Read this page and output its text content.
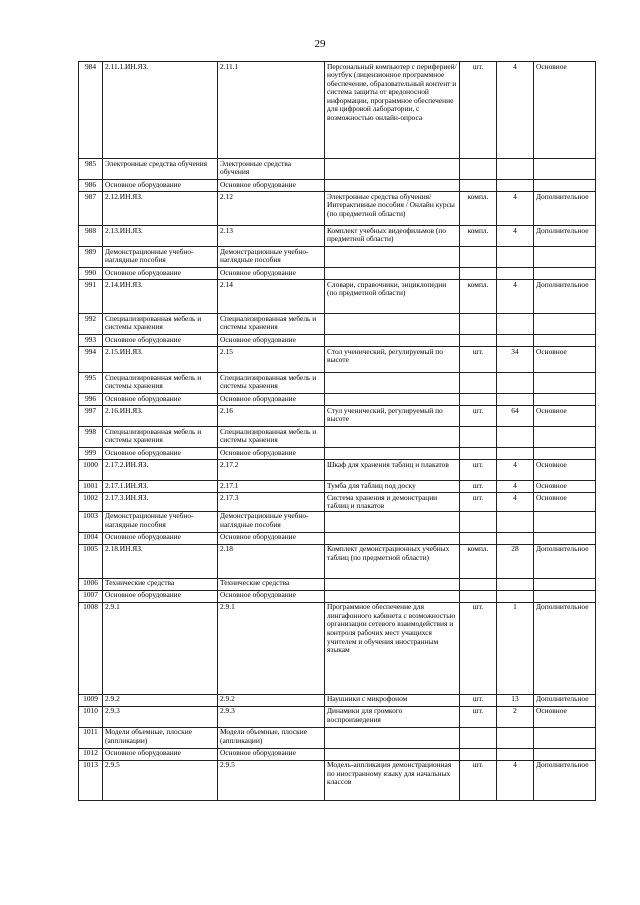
29
984	2.11.1.ИН.ЯЗ.	2.11.1	Персональный компьютер с периферией/ноутбук (лицензионное программное обеспечение, образовательный контент и система защиты от вредоносной информации, программное обеспечение для цифровой лаборатории, с возможностью онлайн-опроса	шт.	4	Основное
985	Электронные средства обучения	Электронные средства обучения				
986	Основное оборудование	Основное оборудование				
987	2.12.ИН.ЯЗ.	2.12	Электронные средства обучения/Интерактивные пособия / Онлайн курсы (по предметной области)	компл.	4	Дополнительное
988	2.13.ИН.ЯЗ.	2.13	Комплект учебных видеофильмов (по предметной области)	компл.	4	Дополнительное
989	Демонстрационные учебно-наглядные пособия	Демонстрационные учебно-наглядные пособия				
990	Основное оборудование	Основное оборудование				
991	2.14.ИН.ЯЗ.	2.14	Словари, справочники, энциклопедии (по предметной области)	компл.	4	Дополнительное
992	Специализированная мебель и системы хранения	Специализированная мебель и системы хранения				
993	Основное оборудование	Основное оборудование				
994	2.15.ИН.ЯЗ.	2.15	Стол ученический, регулируемый по высоте	шт.	34	Основное
995	Специализированная мебель и системы хранения	Специализированная мебель и системы хранения				
996	Основное оборудование	Основное оборудование				
997	2.16.ИН.ЯЗ.	2.16	Стул ученический, регулируемый по высоте	шт.	64	Основное
998	Специализированная мебель и системы хранения	Специализированная мебель и системы хранения				
999	Основное оборудование	Основное оборудование				
1000	2.17.2.ИН.ЯЗ.	2.17.2	Шкаф для хранения таблиц и плакатов	шт.	4	Основное
1001	2.17.1.ИН.ЯЗ.	2.17.1	Тумба для таблиц под доску	шт.	4	Основное
1002	2.17.3.ИН.ЯЗ.	2.17.3	Система хранения и демонстрации таблиц и плакатов	шт.	4	Основное
1003	Демонстрационные учебно-наглядные пособия	Демонстрационные учебно-наглядные пособия				
1004	Основное оборудование	Основное оборудование				
1005	2.18.ИН.ЯЗ.	2.18	Комплект демонстрационных учебных таблиц (по предметной области)	компл.	28	Дополнительное
1006	Технические средства	Технические средства				
1007	Основное оборудование	Основное оборудование				
1008	2.9.1	2.9.1	Программное обеспечение для лингафонного кабинета с возможностью организации сетевого взаимодействия и контроля рабочих мест учащихся учителем и обучения иностранным языкам	шт.	1	Дополнительное
1009	2.9.2	2.9.2	Наушники с микрофоном	шт.	13	Дополнительное
1010	2.9.3	2.9.3	Динамики для громкого воспроизведения	шт.	2	Основное
1011	Модели объемные, плоские (аппликации)	Модели объемные, плоские (аппликации)				
1012	Основное оборудование	Основное оборудование				
1013	2.9.5	2.9.5	Модель-аппликация демонстрационная по иностранному языку для начальных классов	шт.	4	Дополнительное
